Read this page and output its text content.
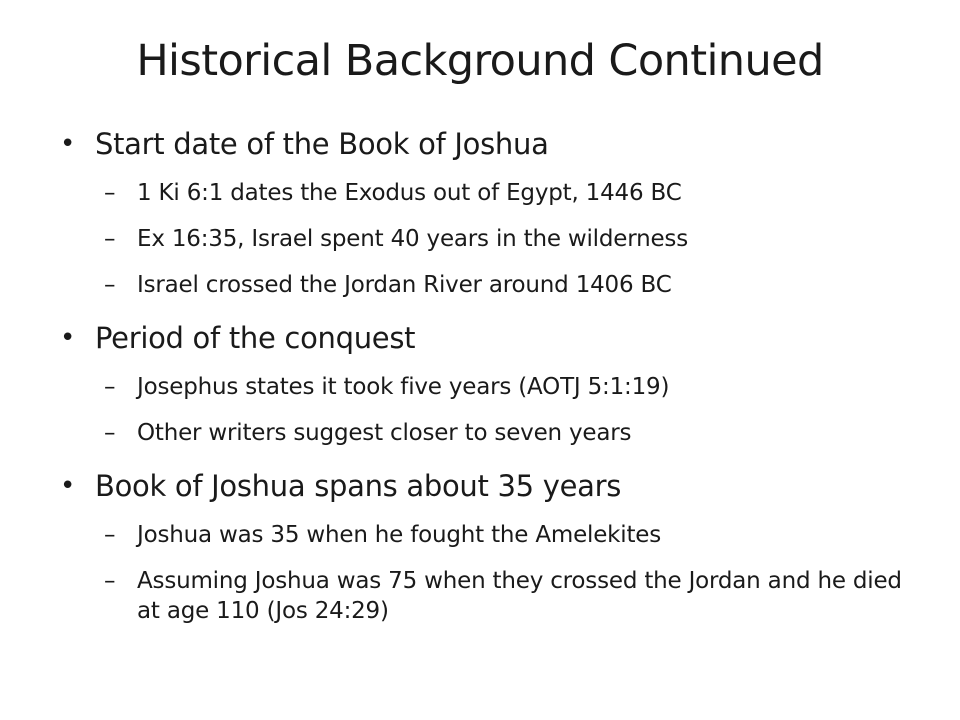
Historical Background Continued
• Start date of the Book of Joshua
– 1 Ki 6:1 dates the Exodus out of Egypt, 1446 BC
– Ex 16:35, Israel spent 40 years in the wilderness
– Israel crossed the Jordan River around 1406 BC
• Period of the conquest
– Josephus states it took five years (AOTJ 5:1:19)
– Other writers suggest closer to seven years
• Book of Joshua spans about 35 years
– Joshua was 35 when he fought the Amelekites
– Assuming Joshua was 75 when they crossed the Jordan and he died at age 110 (Jos 24:29)
